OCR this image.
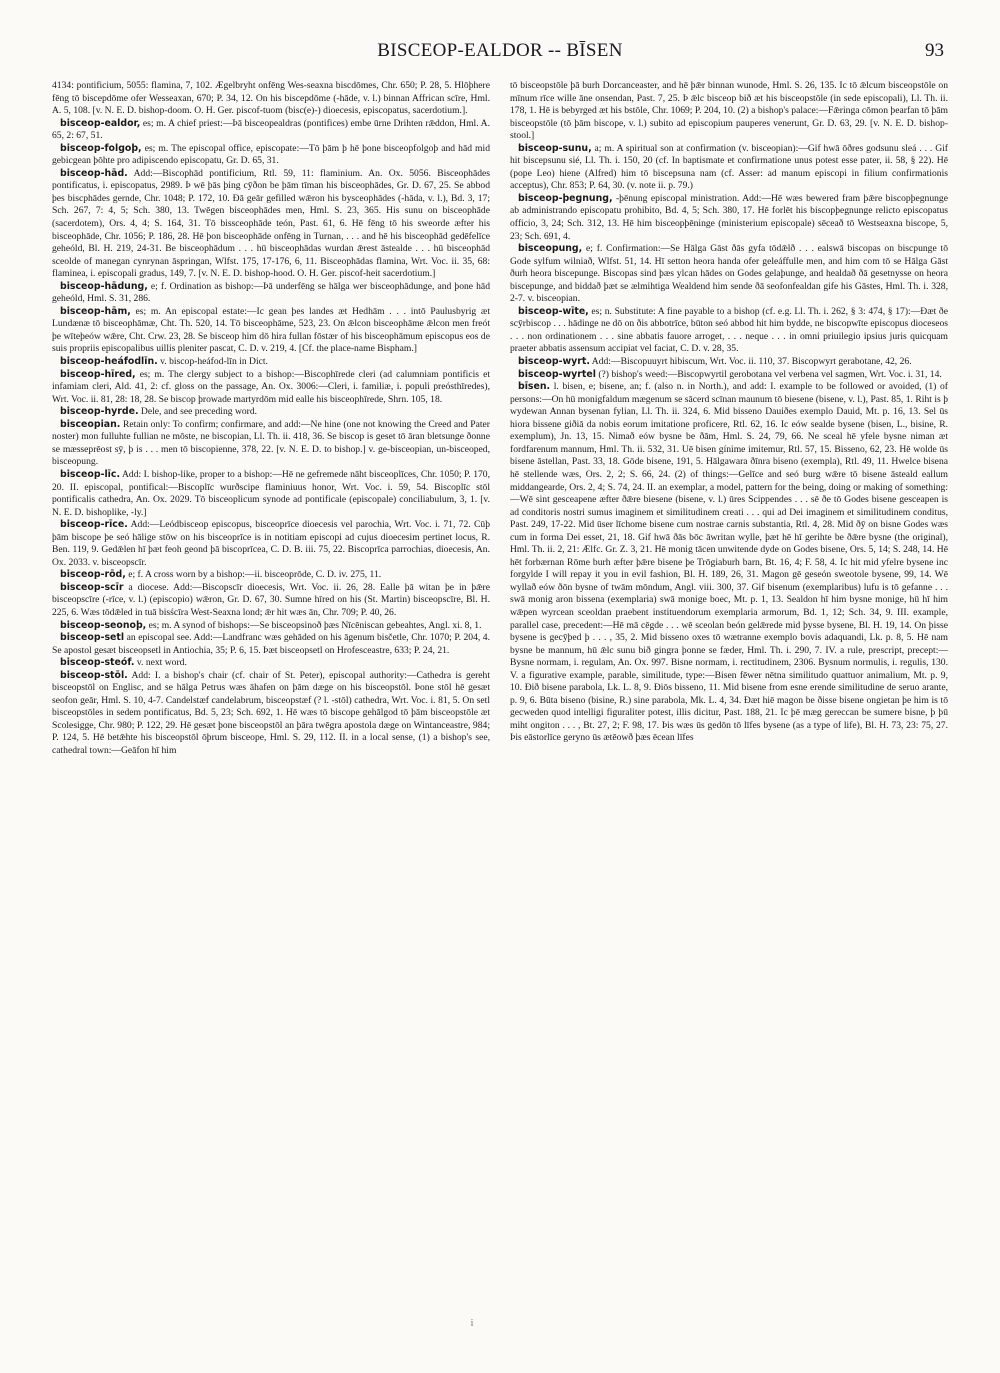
BISCEOP-EALDOR -- BĪSEN	93

4134: pontificium, 5055: flamina, 7, 102. Ægelbryht onfēng Wes-seaxna biscdōmes, Chr. 650; P. 28, 5. Hlōþhere fēng tō biscepdōme ofer Wesseaxan, 670; P. 34, 12. On his biscepdōme (-hāde, v. l.) binnan Affrican scīre, Hml. A. 5, 108. [v. N. E. D. bishop-doom. O. H. Ger. piscof-tuom (bisc(e)-) dioecesis, episcopatus, sacerdotium.].

bisceop-ealdor, es; m. A chief priest:—Þā bisceopealdras (pontifices) embe ūrne Drihten rǣddon, Hml. A. 65, 2: 67, 51.

bisceop-folgoþ, es; m. The episcopal office, episcopate:—Tō þām þ hē þone bisceopfolgoþ and hād mid gebicgean þōhte pro adipiscendo episcopatu, Gr. D. 65, 31.

bisceop-hād. Add:—Biscophād pontificium, Rtl. 59, 11: flaminium. An. Ox. 5056. Bisceophādes pontificatus, i. episcopatus, 2989. Þ wē þās þing cȳðon be þām tīman his bisceophādes, Gr. D. 67, 25. Se abbod þes biscphādes gernde, Chr. 1048; P. 172, 10. Ðā geār gefilled wǣron his bysceophādes (-hāda, v. l.), Bd. 3, 17; Sch. 267, 7: 4, 5; Sch. 380, 13. Twēgen bisceophādes men, Hml. S. 23, 365. His sunu on bisceophāde (sacerdotem), Ors. 4, 4; S. 164, 31. Tō bissceophāde teón, Past. 61, 6. Hē fēng tō his sweorde æfter his bisceophāde, Chr. 1056; P. 186, 28. Hē þon bisceophāde onfēng in Turnan, . . . and hē his bisceophād gedēfelīce geheóld, Bl. H. 219, 24-31. Be bisceophādum . . . hū bisceophādas wurdan ǣrest āstealde . . . hū bisceophād sceolde of manegan cynrynan āspringan, Wlfst. 175, 17-176, 6, 11. Bisceophādas flamina, Wrt. Voc. ii. 35, 68: flaminea, i. episcopali gradus, 149, 7. [v. N. E. D. bishop-hood. O. H. Ger. piscof-heit sacerdotium.]

bisceop-hādung, e; f. Ordination as bishop:—Þā underfēng se hālga wer bisceophādunge, and þone hād geheóld, Hml. S. 31, 286.

bisceop-hām, es; m. An episcopal estate:—Ic gean þes landes æt Hedhām . . . intō Paulusbyrig æt Lundænæ tō bisceophāmæ, Cht. Th. 520, 14. Tō bisceophāme, 523, 23. On ǣlcon bisceophāme ǣlcon men freót þe wīteþeów wǣre, Cht. Crw. 23, 28. Se bisceop him dō hira fullan fōstær of his bisceophāmum episcopus eos de suis propriis episcopalibus uillis pleniter pascat, C. D. v. 219, 4. [Cf. the place-name Bispham.]

bisceop-heáfodlīn. v. biscop-heáfod-līn in Dict.

bisceop-hīred, es; m. The clergy subject to a bishop:—Biscophīrede cleri (ad calumniam pontificis et infamiam cleri, Ald. 41, 2: cf. gloss on the passage, An. Ox. 3006:—Cleri, i. familiæ, i. populi preósthīredes), Wrt. Voc. ii. 81, 28: 18, 28. Se biscop þrowade martyrdōm mid ealle his bisceophīrede, Shrn. 105, 18.

bisceop-hyrde. Dele, and see preceding word.

bisceopian. Retain only: To confirm; confirmare, and add:—Ne hine (one not knowing the Creed and Pater noster) mon fulluhte fullian ne mōste, ne biscopian, Ll. Th. ii. 418, 36. Se biscop is geset tō āran bletsunge ðonne se mæsseprēost sȳ, þ is . . . men tō biscopienne, 378, 22. [v. N. E. D. to bishop.] v. ge-bisceopian, un-bisceoped, bisceopung.

bisceop-līc. Add: I. bishop-like, proper to a bishop:—Hē ne gefremede nāht bisceoplīces, Chr. 1050; P. 170, 20. II. episcopal, pontifical:—Biscoplīc wurðscipe flaminiuus honor, Wrt. Voc. i. 59, 54. Biscoplīc stōl pontificalis cathedra, An. Ox. 2029. Tō bisceoplicum synode ad pontificale (episcopale) conciliabulum, 3, 1. [v. N. E. D. bishoplike, -ly.]

bisceop-rīce. Add:—Leódbisceop episcopus, bisceoprīce dioecesis vel parochia, Wrt. Voc. i. 71, 72. Cūþ þām biscope þe seó hālige stōw on his bisceoprīce is in notitiam episcopi ad cujus dioecesim pertinet locus, R. Ben. 119, 9. Gedǣlen hī þæt feoh geond þā biscoprīcea, C. D. B. iii. 75, 22. Biscoprīca parrochias, dioecesis, An. Ox. 2033. v. bisceopscīr.

bisceop-rōd, e; f. A cross worn by a bishop:—ii. bisceoprōde, C. D. iv. 275, 11.

bisceop-scīr a diocese. Add:—Biscopscīr dioecesis, Wrt. Voc. ii. 26, 28. Ealle þā witan þe in þǣre bisceopscīre (-rīce, v. l.) (episcopio) wǣron, Gr. D. 67, 30. Sumne hīred on his (St. Martin) bisceopscīre, Bl. H. 225, 6. Wæs tōdǣled in tuā bisścīra West-Seaxna lond; ǣr hit wæs ān, Chr. 709; P. 40, 26.

bisceop-seonoþ, es; m. A synod of bishops:—Se bisceopsinoð þæs Nīcēniscan gebeahtes, Angl. xi. 8, 1.

bisceop-setl an episcopal see. Add:—Landfranc wæs gehāded on his āgenum bisčetle, Chr. 1070; P. 204, 4. Se apostol gesæt bisceopsetl in Antiochia, 35; P. 6, 15. Þæt bisceopsetl on Hrofesceastre, 633; P. 24, 21.

bisceop-steóf. v. next word.

bisceop-stōl. Add: I. a bishop's chair (cf. chair of St. Peter), episcopal authority:—Cathedra is gereht bisceopstōl on Englisc, and se hālga Petrus wæs āhafen on þām dæge on his bisceopstōl. Þone stōl hē gesæt seofon geār, Hml. S. 10, 4-7. Candelstæf candelabrum, bisceopstæf (? l. -stōl) cathedra, Wrt. Voc. i. 81, 5. On setl bisceopstōles in sedem pontificatus, Bd. 5, 23; Sch. 692, 1. Hē wæs tō biscope gehālgod tō þām bisceopstōle æt Scolesigge, Chr. 980; P. 122, 29. Hē gesæt þone bisceopstōl an þāra twēgra apostola dæge on Wintanceastre, 984; P. 124, 5. Hē betǣhte his bisceopstōl ōþrum bisceope, Hml. S. 29, 112. II. in a local sense, (1) a bishop's see, cathedral town:—Geāfon hī him

tō bisceopstōle þā burh Dorcanceaster, and hē þǣr binnan wunode, Hml. S. 26, 135. Ic tō ǣlcum bisceopstōle on mīnum rīce wille āne onsendan, Past. 7, 25. Þ ǣlc bisceop bið æt his bisceopstōle (in sede episcopali), Ll. Th. ii. 178, 1. Hē is bebyrged æt his bstōle, Chr. 1069; P. 204, 10. (2) a bishop's palace:—Fǣringa cōmon þearfan tō þām bisceopstōle (tō þām biscope, v. l.) subito ad episcopium pauperes venerunt, Gr. D. 63, 29. [v. N. E. D. bishop-stool.]

bisceop-sunu, a; m. A spiritual son at confirmation (v. bisceopian):—Gif hwā ōðres godsunu sleá . . . Gif hit biscepsunu sié, Ll. Th. i. 150, 20 (cf. In baptismate et confirmatione unus potest esse pater, ii. 58, § 22). Hē (pope Leo) hiene (Alfred) him tō biscepsuna nam (cf. Asser: ad manum episcopi in filium confirmationis acceptus), Chr. 853; P. 64, 30. (v. note ii. p. 79.)

bisceop-þegnung, -þēnung episcopal ministration. Add:—Hē wæs bewered fram þǣre biscopþegnunge ab administrando episcopatu prohibito, Bd. 4, 5; Sch. 380, 17. Hē forlēt his biscopþegnunge relicto episcopatus officio, 3, 24; Sch. 312, 13. Hē him bisceopþēninge (ministerium episcopale) sēceað tō Westseaxna biscope, 5, 23; Sch. 691, 4.

bisceopung, e; f. Confirmation:—Se Hālga Gāst ðās gyfa tōdǣlð . . . ealswā biscopas on biscpunge tō Gode sylfum wilniað, Wlfst. 51, 14. Hī setton heora handa ofer geleáffulle men, and him com tō se Hālga Gāst ðurh heora biscepunge. Biscopas sind þæs ylcan hādes on Godes gelaþunge, and healdað ðā gesetnysse on heora biscepunge, and biddað þæt se ælmihtiga Wealdend him sende ðā seofonfealdan gife his Gāstes, Hml. Th. i. 328, 2-7. v. bisceopian.

bisceop-wīte, es; n. Substitute: A fine payable to a bishop (cf. e.g. Ll. Th. i. 262, § 3: 474, § 17):—Ðæt ðe scȳrbiscop . . . hādinge ne dō on ðis abbotrīce, būton seó abbod hit him bydde, ne biscopwīte episcopus dioceseos . . . non ordinationem . . . sine abbatis fauore arroget, . . . neque . . . in omni priuilegio ipsius juris quicquam praeter abbatis assensum accipiat vel faciat, C. D. v. 28, 35.

bisceop-wyrt. Add:—Biscopuuyrt hibiscum, Wrt. Voc. ii. 110, 37. Biscopwyrt gerabotane, 42, 26.

bisceop-wyrtel (?) bishop's weed:—Biscopwyrtil gerobotana vel verbena vel sagmen, Wrt. Voc. i. 31, 14.

bīsen. l. bisen, e; bisene, an; f. (also n. in North.), and add: I. example to be followed or avoided, (1) of persons:—On hū monigfaldum mægenum se sācerd scīnan maunum tō biesene (bisene, v. l.), Past. 85, 1. Riht is þ wydewan Annan bysenan fylian, Ll. Th. ii. 324, 6. Mid bisseno Dauiðes exemplo Dauid, Mt. p. 16, 13. Sel ūs hiora bissene giðiā da nobis eorum imitatione proficere, Rtl. 62, 16. Ic eów sealde bysene (bisen, L., bisine, R. exemplum), Jn. 13, 15. Nimað eów bysne be ðām, Hml. S. 24, 79, 66. Ne sceal hē yfele bysne niman æt fordfarenum mannum, Hml. Th. ii. 532, 31. Uē bisen gínime imitemur, Rtl. 57, 15. Bisseno, 62, 23. Hē wolde ūs bisene āstellan, Past. 33, 18. Gōde bisene, 191, 5. Hālgawara ðīnra biseno (exempla), Rtl. 49, 11. Hwelce bisena hē stellende wæs, Ors. 2, 2; S. 66, 24. (2) of things:—Gelīce and seó burg wǣre tō bisene āsteald eallum middangearde, Ors. 2, 4; S. 74, 24. II. an exemplar, a model, pattern for the being, doing or making of something:—Wē sint gesceapene æfter ðǣre biesene (bisene, v. l.) ūres Scippendes . . . sē ðe tō Godes bisene gesceapen is ad conditoris nostri sumus imaginem et similitudinem creati . . . qui ad Dei imaginem et similitudinem conditus, Past. 249, 17-22. Mid ūser līchome bisene cum nostrae carnis substantia, Rtl. 4, 28. Mid ðȳ on bisne Godes wæs cum in forma Dei esset, 21, 18. Gif hwā ðās bōc āwritan wylle, þæt hē hī gerihte be ðǣre bysne (the original), Hml. Th. ii. 2, 21: Ælfc. Gr. Z. 3, 21. Hē monig tācen unwitende dyde on Godes bisene, Ors. 5, 14; S. 248, 14. Hē hēt forbærnan Rōme burh æfter þǣre bisene þe Trōgiaburh barn, Bt. 16, 4; F. 58, 4. Ic hit mid yfelre bysene inc forgylde I will repay it you in evil fashion, Bl. H. 189, 26, 31. Magon gē geseón sweotole bysene, 99, 14. Wē wyllað eów ðōn bysne of twām mōndum, Angl. viii. 300, 37. Gif bisenum (exemplaribus) lufu is tō gefanne . . . swā monig aron bissena (exemplaria) swā monige boec, Mt. p. 1, 13. Sealdon hī him bysne monige, hū hī him wǣpen wyrcean sceoldan praebent instituendorum exemplaria armorum, Bd. 1, 12; Sch. 34, 9. III. example, parallel case, precedent:—Hē mā cēgde . . . wē sceolan beón gelǣrede mid þysse bysene, Bl. H. 19, 14. On þisse bysene is gecȳþed þ . . . , 35, 2. Mid bisseno oxes tō wætranne exemplo bovis adaquandi, Lk. p. 8, 5. Hē nam bysne be mannum, hū ǣlc sunu bið gingra þonne se fæder, Hml. Th. i. 290, 7. IV. a rule, prescript, precept:—Bysne normam, i. regulam, An. Ox. 997. Bisne normam, i. rectitudinem, 2306. Bysnum normulis, i. regulis, 130. V. a figurative example, parable, similitude, type:—Bisen fēwer nētna similitudo quattuor animalium, Mt. p. 9, 10. Ðið bisene parabola, Lk. L. 8, 9. Ðiōs bisseno, 11. Mid bisene from esne erende similitudine de seruo arante, p. 9, 6. Būta biseno (bisine, R.) sine parabola, Mk. L. 4, 34. Ðæt hiē magon be ðisse bisene ongietan þe him is tō gecweden quod intelligi figuraliter potest, illis dicitur, Past. 188, 21. Ic þē mæg gereccan be sumere bisne, þ þū miht ongiton . . . , Bt. 27, 2; F. 98, 17. Þis wæs ūs gedōn tō līfes bysene (as a type of life), Bl. H. 73, 23: 75, 27. Þis eāstorlīce geryno ūs ætēowð þæs ēcean līfes

i
